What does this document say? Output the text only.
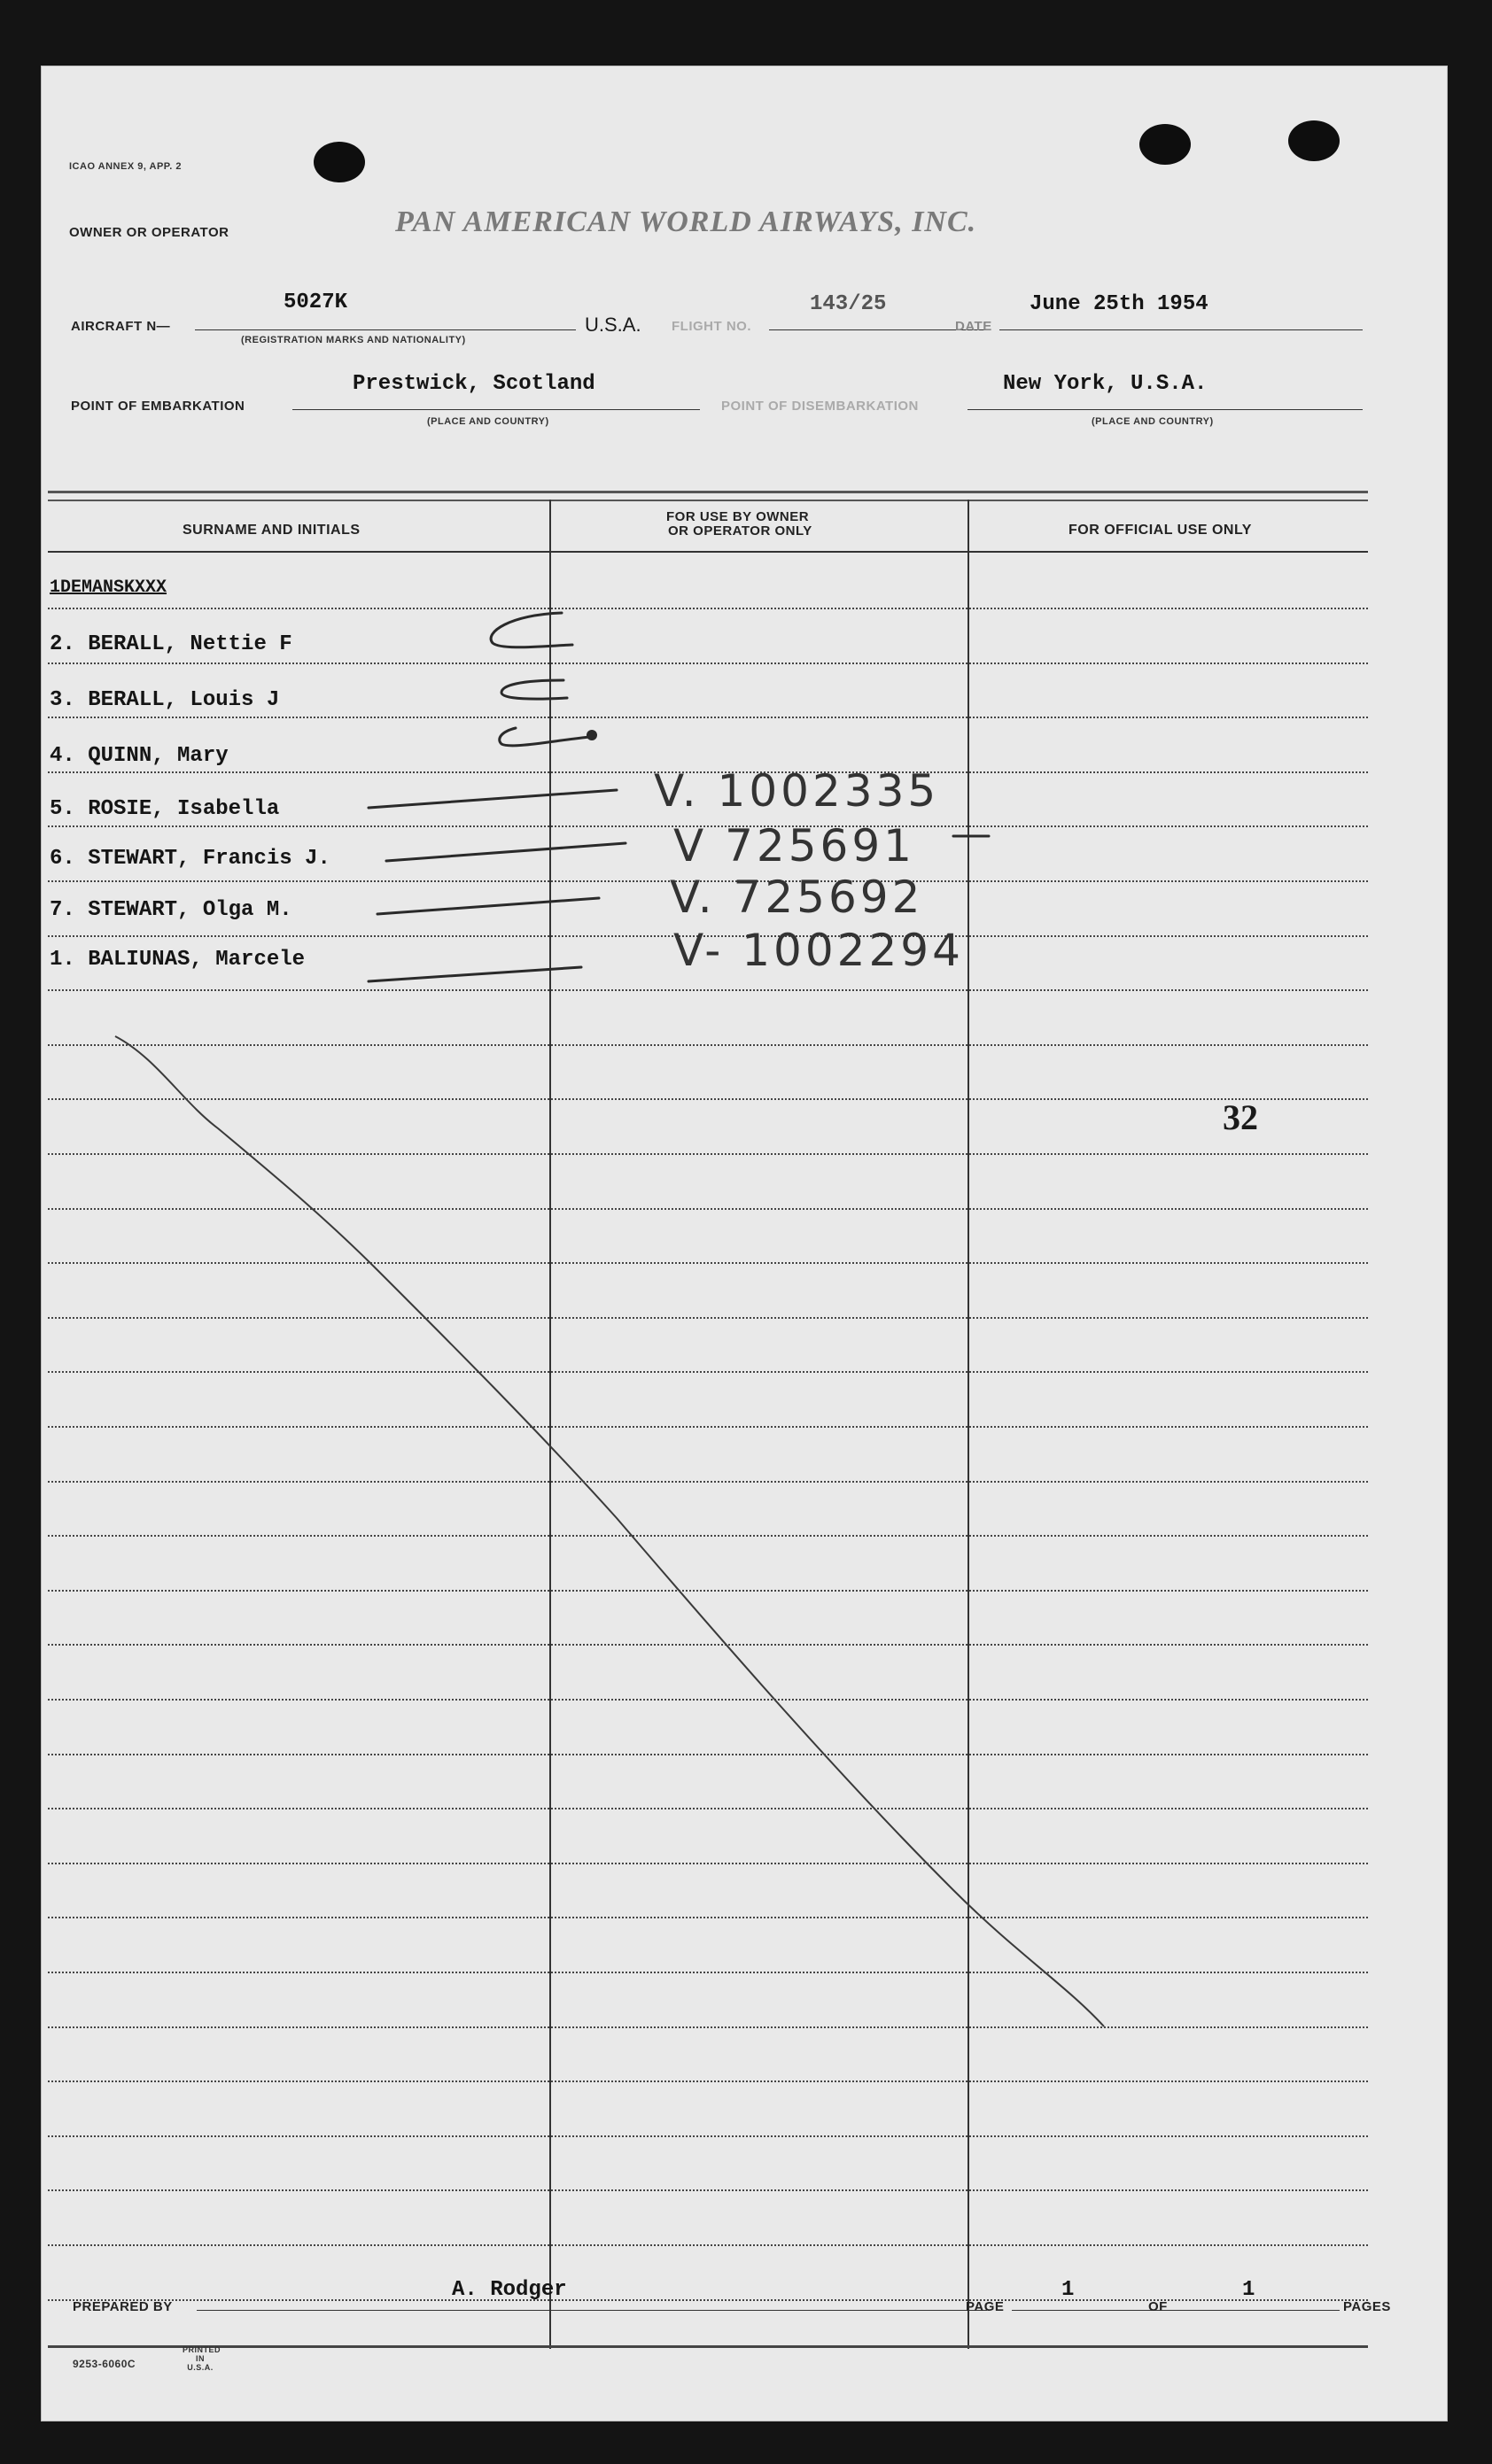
ICAO ANNEX 9, APP. 2
OWNER OR OPERATOR	PAN AMERICAN WORLD AIRWAYS, INC.
AIRCRAFT N—
5027K
(REGISTRATION MARKS AND NATIONALITY)
U.S.A. FLIGHT NO.
143/25
DATE
June 25th 1954
POINT OF EMBARKATION
Prestwick, Scotland
(PLACE AND COUNTRY)
POINT OF DISEMBARKATION
New York, U.S.A.
(PLACE AND COUNTRY)
SURNAME AND INITIALS
FOR USE BY OWNER
OR OPERATOR ONLY	FOR OFFICIAL USE ONLY
1DEMANSKXXX
2. BERALL, Nettie F
3. BERALL, Louis J
4. QUINN, Mary
5. ROSIE, Isabella
6. STEWART, Francis J.
7. STEWART, Olga M.
1. BALIUNAS, Marcele
V. 1002335
V 725691
V. 725692
V- 1002294
32
PREPARED BY
A. Rodger
PAGE
1
OF
1
PAGES
9253-6060C
PRINTED IN U.S.A.
